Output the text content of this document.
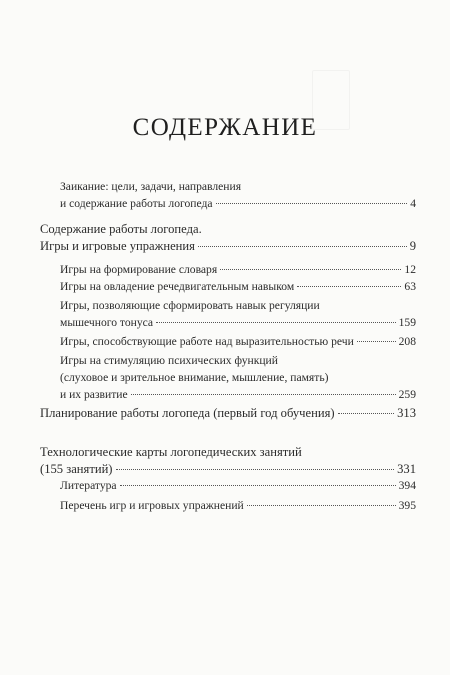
СОДЕРЖАНИЕ
Заикание: цели, задачи, направления
и содержание работы логопеда	4
Содержание работы логопеда.
Игры и игровые упражнения	9
Игры на формирование словаря	12
Игры на овладение речедвигательным навыком	63
Игры, позволяющие сформировать навык регуляции
мышечного тонуса	159
Игры, способствующие работе над выразительностью речи	208
Игры на стимуляцию психических функций
(слуховое и зрительное внимание, мышление, память)
и их развитие	259
Планирование работы логопеда (первый год обучения)	313
Технологические карты логопедических занятий
(155 занятий)	331
Литература	394
Перечень игр и игровых упражнений	395
